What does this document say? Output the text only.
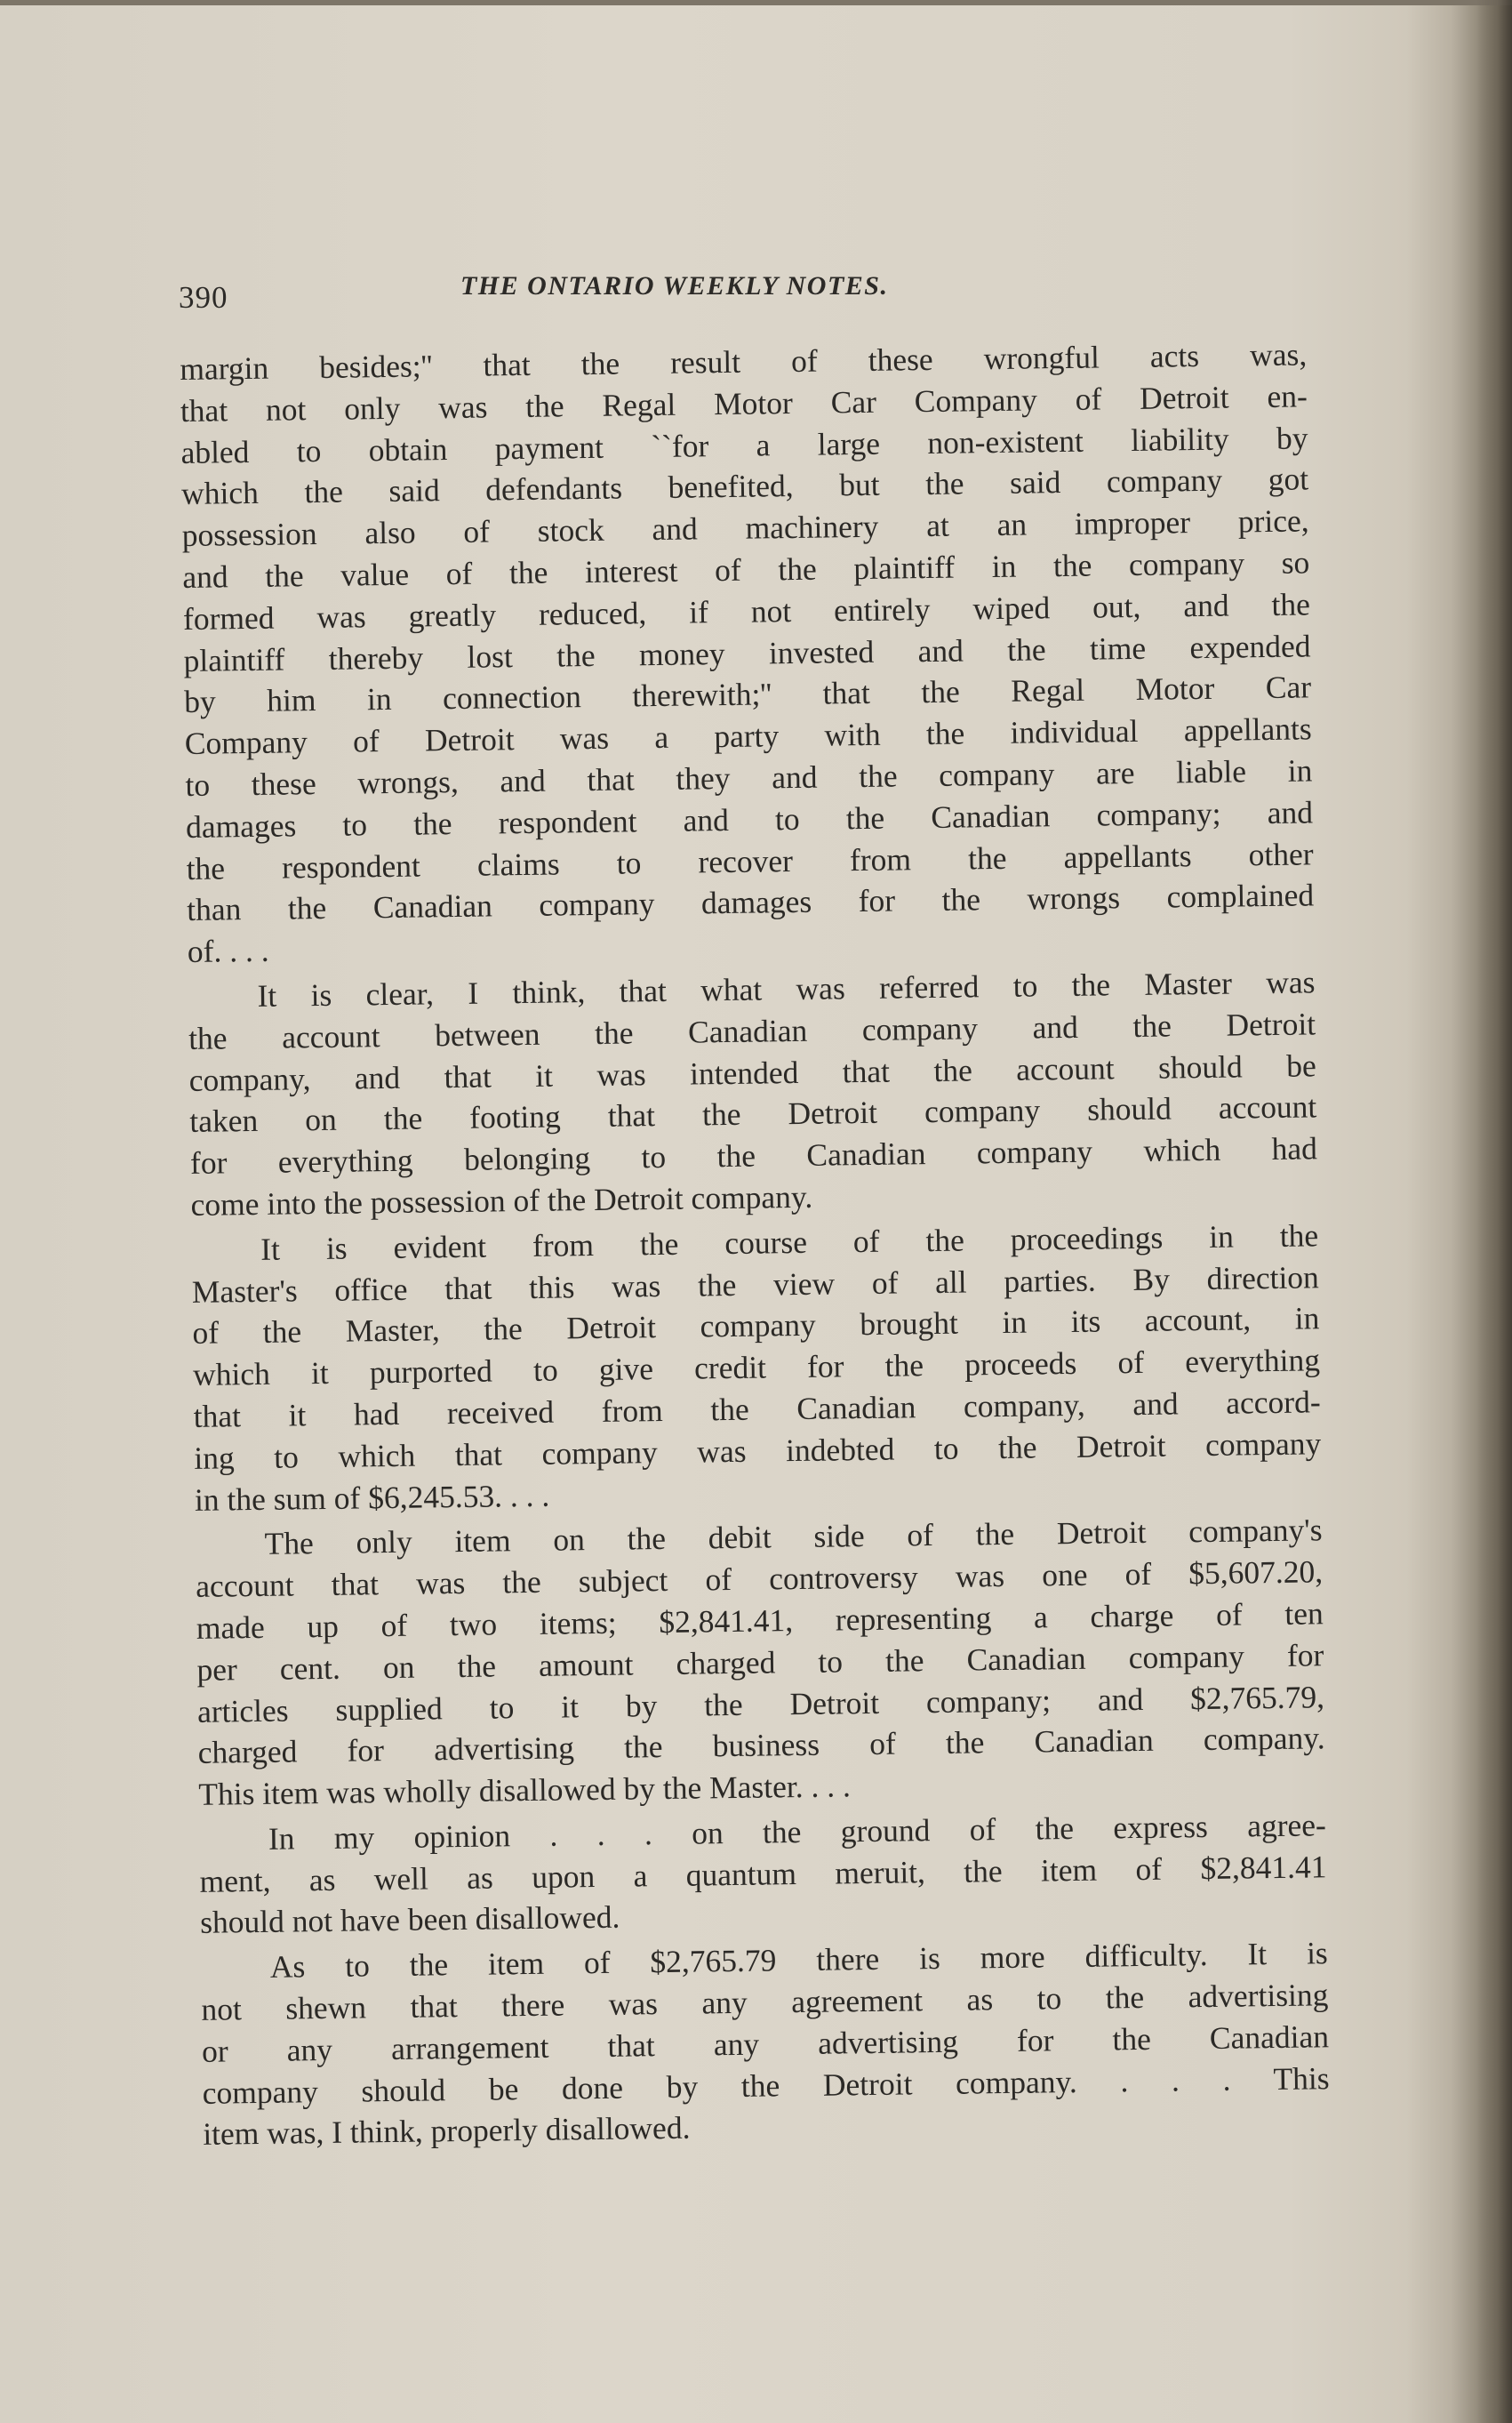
390	THE ONTARIO WEEKLY NOTES.
margin besides;'' that the result of these wrongful acts was,
that not only was the Regal Motor Car Company of Detroit en-
abled to obtain payment ``for a large non-existent liability by
which the said defendants benefited, but the said company got
possession also of stock and machinery at an improper price,
and the value of the interest of the plaintiff in the company so
formed was greatly reduced, if not entirely wiped out, and the
plaintiff thereby lost the money invested and the time expended
by him in connection therewith;'' that the Regal Motor Car
Company of Detroit was a party with the individual appellants
to these wrongs, and that they and the company are liable in
damages to the respondent and to the Canadian company; and
the respondent claims to recover from the appellants other
than the Canadian company damages for the wrongs complained
of. . . .
It is clear, I think, that what was referred to the Master was
the account between the Canadian company and the Detroit
company, and that it was intended that the account should be
taken on the footing that the Detroit company should account
for everything belonging to the Canadian company which had
come into the possession of the Detroit company.
It is evident from the course of the proceedings in the
Master's office that this was the view of all parties. By direction
of the Master, the Detroit company brought in its account, in
which it purported to give credit for the proceeds of everything
that it had received from the Canadian company, and accord-
ing to which that company was indebted to the Detroit company
in the sum of $6,245.53. . . .
The only item on the debit side of the Detroit company's
account that was the subject of controversy was one of $5,607.20,
made up of two items; $2,841.41, representing a charge of ten
per cent. on the amount charged to the Canadian company for
articles supplied to it by the Detroit company; and $2,765.79,
charged for advertising the business of the Canadian company.
This item was wholly disallowed by the Master. . . .
In my opinion . . . on the ground of the express agree-
ment, as well as upon a quantum meruit, the item of $2,841.41
should not have been disallowed.
As to the item of $2,765.79 there is more difficulty. It is
not shewn that there was any agreement as to the advertising
or any arrangement that any advertising for the Canadian
company should be done by the Detroit company. . . . This
item was, I think, properly disallowed.
